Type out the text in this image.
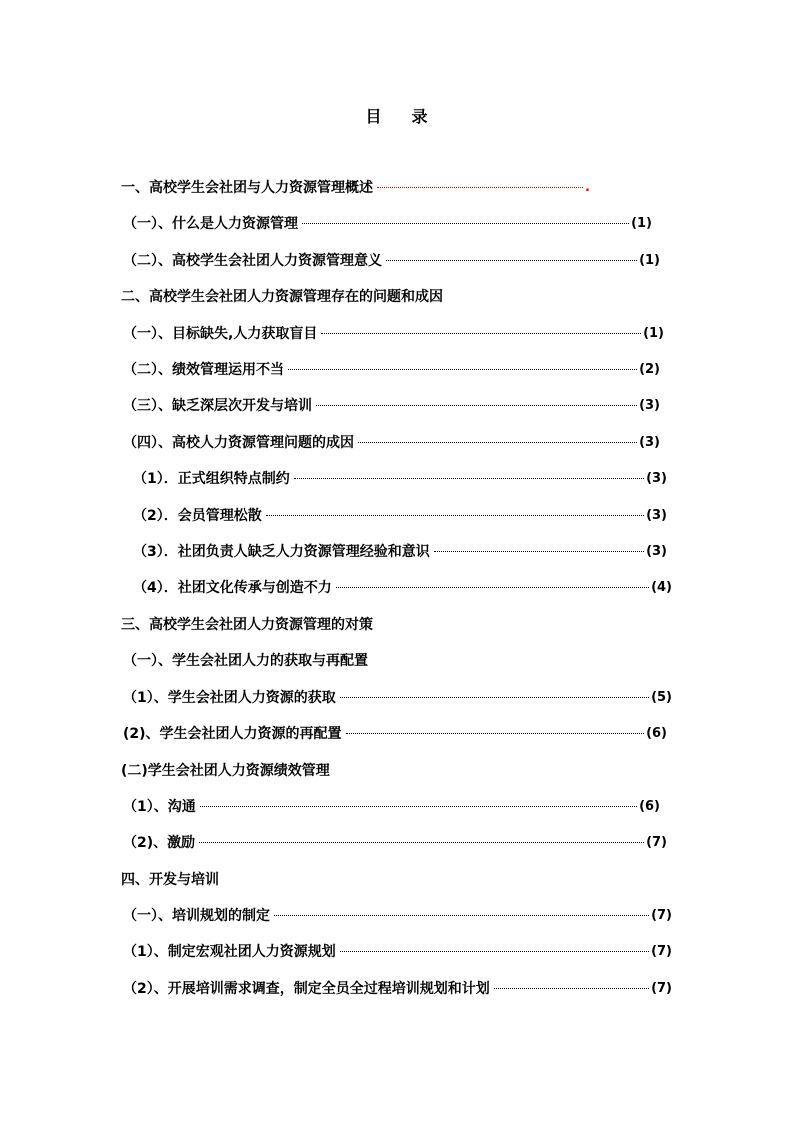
目 录
一、高校学生会社团与人力资源管理概述	.
（一）、什么是人力资源管理	(1)
（二）、高校学生会社团人力资源管理意义	(1)
二、高校学生会社团人力资源管理存在的问题和成因
（一）、目标缺失,人力获取盲目	(1)
（二）、绩效管理运用不当	(2)
（三）、缺乏深层次开发与培训	(3)
（四）、高校人力资源管理问题的成因	(3)
（1）．正式组织特点制约	(3)
（2）．会员管理松散	(3)
（3）．社团负责人缺乏人力资源管理经验和意识	(3)
（4）．社团文化传承与创造不力	(4)
三、高校学生会社团人力资源管理的对策
（一）、学生会社团人力的获取与再配置
（1）、学生会社团人力资源的获取	(5)
(2)、学生会社团人力资源的再配置	(6)
(二)学生会社团人力资源绩效管理
（1）、沟通	(6)
（2)、激励	(7)
四、开发与培训
（一）、培训规划的制定	(7)
（1）、制定宏观社团人力资源规划	(7)
（2）、开展培训需求调查，制定全员全过程培训规划和计划	(7)
